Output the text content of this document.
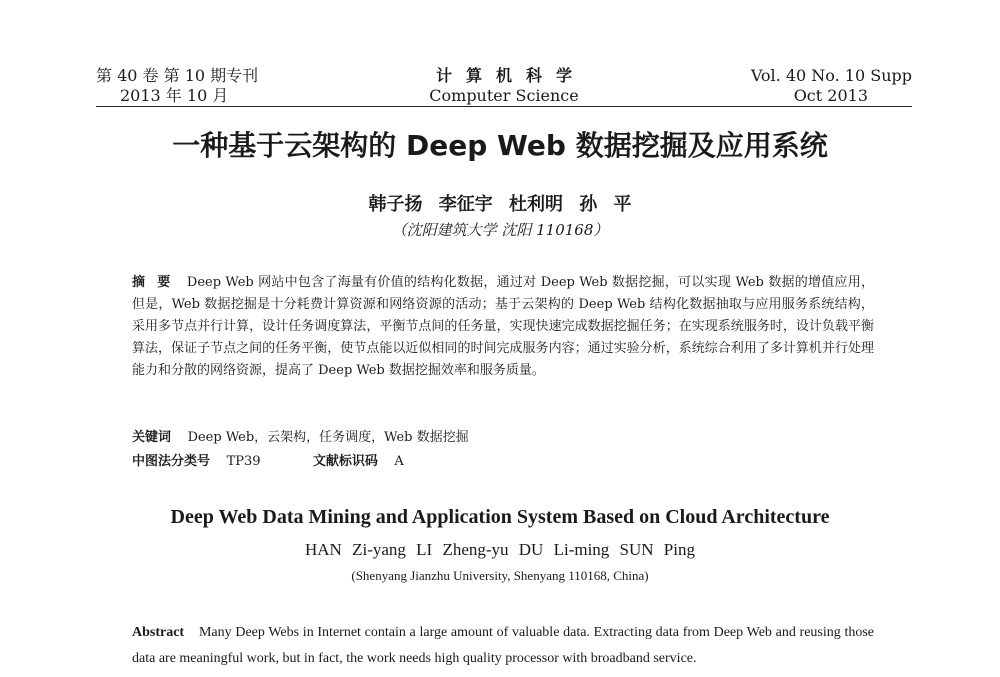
第 40 卷 第 10 期专刊
2013 年 10 月
计算机科学
Computer Science
Vol. 40 No. 10 Supp
Oct 2013
一种基于云架构的 Deep Web 数据挖掘及应用系统
韩子扬 李征宇 杜利明 孙 平
（沈阳建筑大学 沈阳 110168）
摘要 Deep Web 网站中包含了海量有价值的结构化数据，通过对 Deep Web 数据挖掘，可以实现 Web 数据的增值应用，但是，Web 数据挖掘是十分耗费计算资源和网络资源的活动；基于云架构的 Deep Web 结构化数据抽取与应用服务系统结构，采用多节点并行计算，设计任务调度算法，平衡节点间的任务量，实现快速完成数据挖掘任务；在实现系统服务时，设计负载平衡算法，保证子节点之间的任务平衡，使节点能以近似相同的时间完成服务内容；通过实验分析，系统综合利用了多计算机并行处理能力和分散的网络资源，提高了 Deep Web 数据挖掘效率和服务质量。
关键词 Deep Web，云架构，任务调度，Web 数据挖掘
中图法分类号 TP39	文献标识码 A
Deep Web Data Mining and Application System Based on Cloud Architecture
HAN Zi-yang LI Zheng-yu DU Li-ming SUN Ping
(Shenyang Jianzhu University, Shenyang 110168, China)
Abstract Many Deep Webs in Internet contain a large amount of valuable data. Extracting data from Deep Web and reusing those data are meaningful work, but in fact, the work needs high quality processor with broadband service.
